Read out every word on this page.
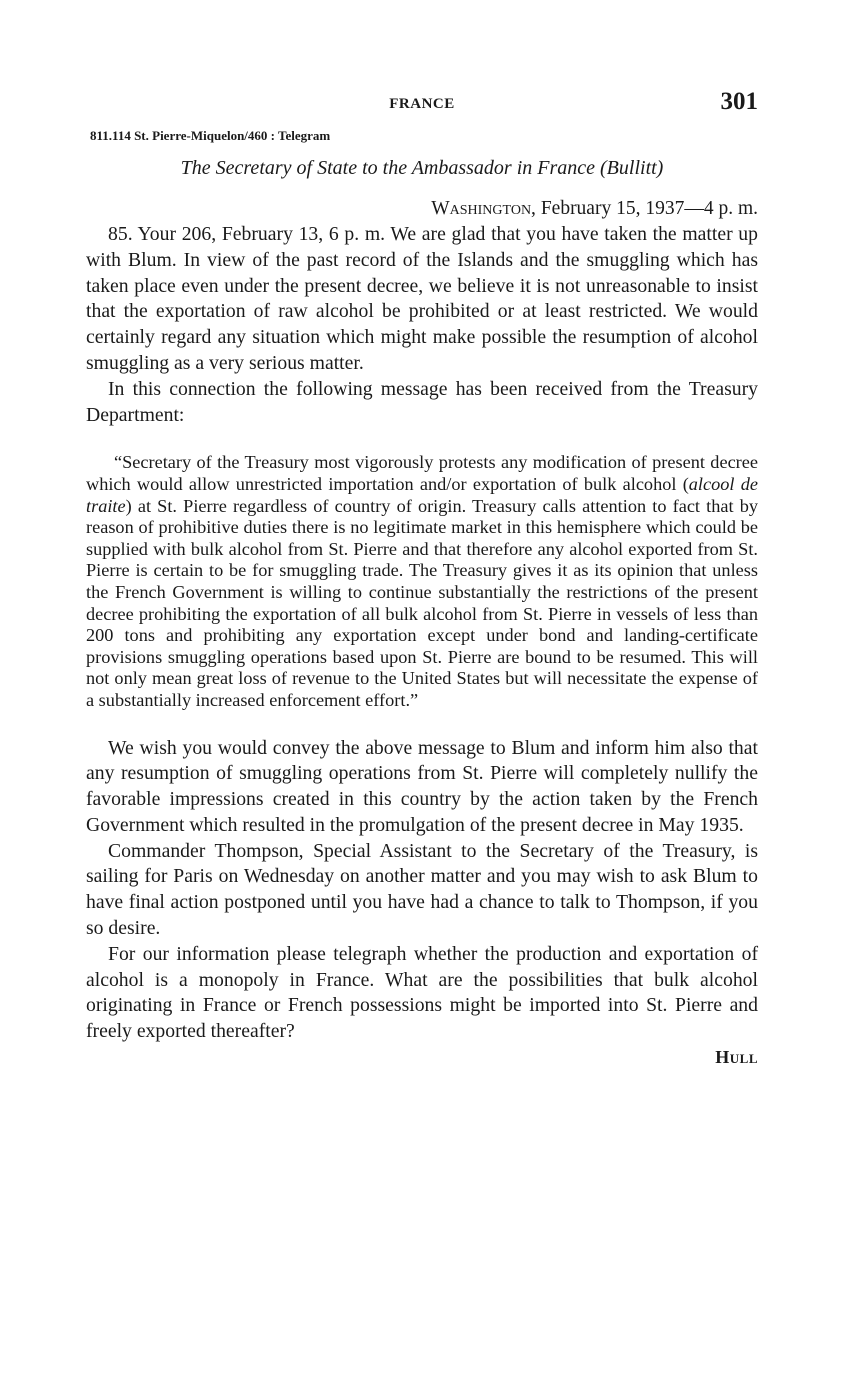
FRANCE	301
811.114 St. Pierre-Miquelon/460 : Telegram
The Secretary of State to the Ambassador in France (Bullitt)
Washington, February 15, 1937—4 p. m.

85. Your 206, February 13, 6 p. m. We are glad that you have taken the matter up with Blum. In view of the past record of the Islands and the smuggling which has taken place even under the present decree, we believe it is not unreasonable to insist that the exportation of raw alcohol be prohibited or at least restricted. We would certainly regard any situation which might make possible the resumption of alcohol smuggling as a very serious matter.

In this connection the following message has been received from the Treasury Department:

“Secretary of the Treasury most vigorously protests any modification of present decree which would allow unrestricted importation and/or exportation of bulk alcohol (alcool de traite) at St. Pierre regardless of country of origin. Treasury calls attention to fact that by reason of prohibitive duties there is no legitimate market in this hemisphere which could be supplied with bulk alcohol from St. Pierre and that therefore any alcohol exported from St. Pierre is certain to be for smuggling trade. The Treasury gives it as its opinion that unless the French Government is willing to continue substantially the restrictions of the present decree prohibiting the exportation of all bulk alcohol from St. Pierre in vessels of less than 200 tons and prohibiting any exportation except under bond and landing-certificate provisions smuggling operations based upon St. Pierre are bound to be resumed. This will not only mean great loss of revenue to the United States but will necessitate the expense of a substantially increased enforcement effort.”

We wish you would convey the above message to Blum and inform him also that any resumption of smuggling operations from St. Pierre will completely nullify the favorable impressions created in this country by the action taken by the French Government which resulted in the promulgation of the present decree in May 1935.

Commander Thompson, Special Assistant to the Secretary of the Treasury, is sailing for Paris on Wednesday on another matter and you may wish to ask Blum to have final action postponed until you have had a chance to talk to Thompson, if you so desire.

For our information please telegraph whether the production and exportation of alcohol is a monopoly in France. What are the possibilities that bulk alcohol originating in France or French possessions might be imported into St. Pierre and freely exported thereafter?

Hull
